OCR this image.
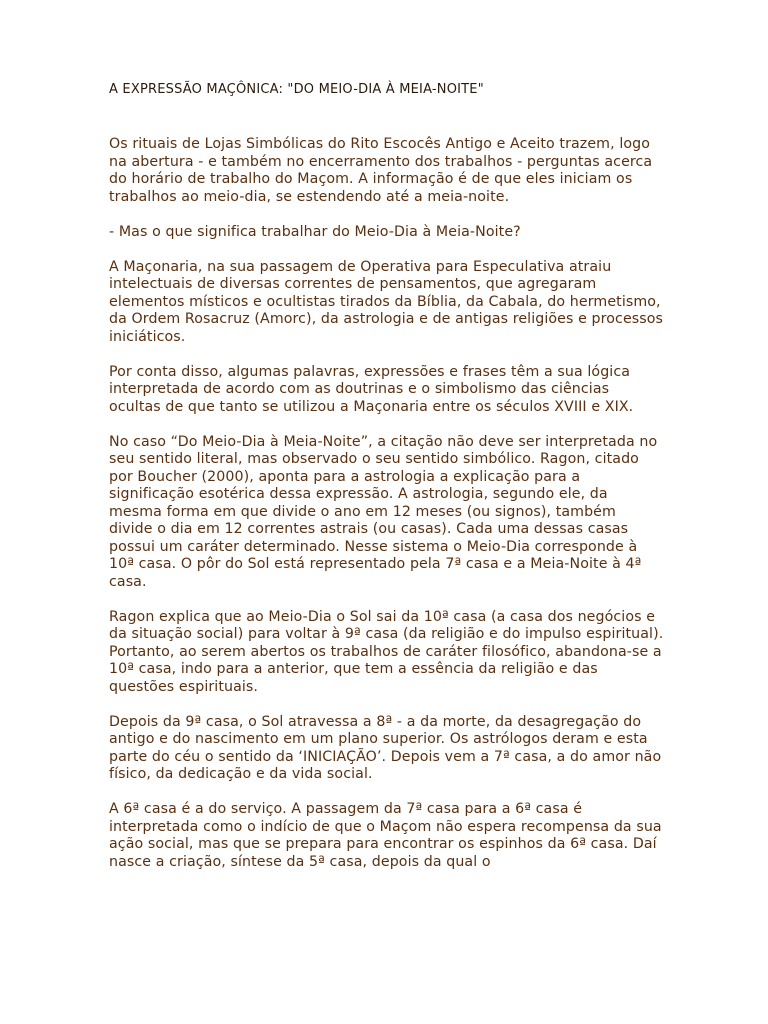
A EXPRESSÃO MAÇÔNICA: "DO MEIO-DIA À MEIA-NOITE"

Os rituais de Lojas Simbólicas do Rito Escocês Antigo e Aceito trazem, logo na abertura - e também no encerramento dos trabalhos - perguntas acerca do horário de trabalho do Maçom. A informação é de que eles iniciam os trabalhos ao meio-dia, se estendendo até a meia-noite.

- Mas o que significa trabalhar do Meio-Dia à Meia-Noite?

A Maçonaria, na sua passagem de Operativa para Especulativa atraiu intelectuais de diversas correntes de pensamentos, que agregaram elementos místicos e ocultistas tirados da Bíblia, da Cabala, do hermetismo, da Ordem Rosacruz (Amorc), da astrologia e de antigas religiões e processos iniciáticos.

Por conta disso, algumas palavras, expressões e frases têm a sua lógica interpretada de acordo com as doutrinas e o simbolismo das ciências ocultas de que tanto se utilizou a Maçonaria entre os séculos XVIII e XIX.

No caso “Do Meio-Dia à Meia-Noite”, a citação não deve ser interpretada no seu sentido literal, mas observado o seu sentido simbólico. Ragon, citado por Boucher (2000), aponta para a astrologia a explicação para a significação esotérica dessa expressão. A astrologia, segundo ele, da mesma forma em que divide o ano em 12 meses (ou signos), também divide o dia em 12 correntes astrais (ou casas). Cada uma dessas casas possui um caráter determinado. Nesse sistema o Meio-Dia corresponde à 10ª casa. O pôr do Sol está representado pela 7ª casa e a Meia-Noite à 4ª casa.

Ragon explica que ao Meio-Dia o Sol sai da 10ª casa (a casa dos negócios e da situação social) para voltar à 9ª casa (da religião e do impulso espiritual). Portanto, ao serem abertos os trabalhos de caráter filosófico, abandona-se a 10ª casa, indo para a anterior, que tem a essência da religião e das questões espirituais.

Depois da 9ª casa, o Sol atravessa a 8ª - a da morte, da desagregação do antigo e do nascimento em um plano superior. Os astrólogos deram e esta parte do céu o sentido da ‘INICIAÇÃO’. Depois vem a 7ª casa, a do amor não físico, da dedicação e da vida social.

A 6ª casa é a do serviço. A passagem da 7ª casa para a 6ª casa é interpretada como o indício de que o Maçom não espera recompensa da sua ação social, mas que se prepara para encontrar os espinhos da 6ª casa. Daí nasce a criação, síntese da 5ª casa, depois da qual o
